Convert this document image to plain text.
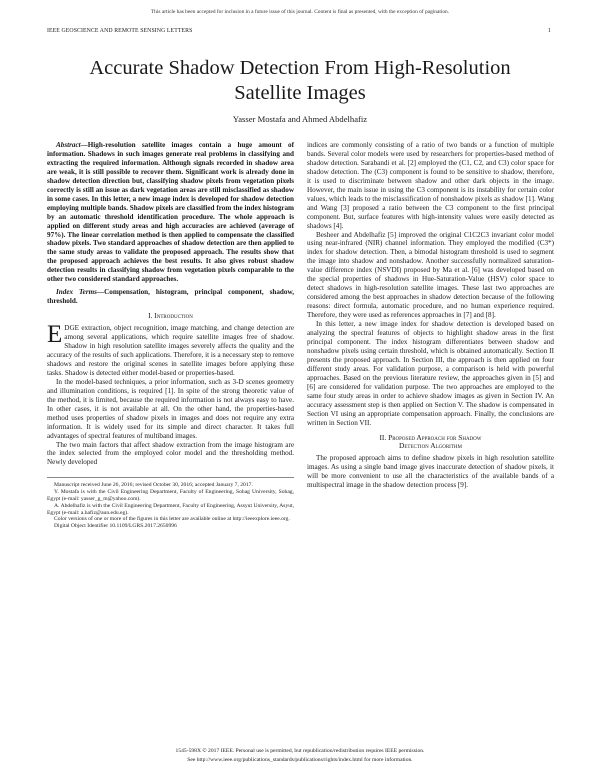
This article has been accepted for inclusion in a future issue of this journal. Content is final as presented, with the exception of pagination.
IEEE GEOSCIENCE AND REMOTE SENSING LETTERS	1
Accurate Shadow Detection From High-Resolution
Satellite Images
Yasser Mostafa and Ahmed Abdelhafiz

Abstract—High-resolution satellite images contain a huge amount of information. Shadows in such images generate real problems in classifying and extracting the required information. Although signals recorded in shadow area are weak, it is still possible to recover them. Significant work is already done in shadow detection direction but, classifying shadow pixels from vegetation pixels correctly is still an issue as dark vegetation areas are still misclassified as shadow in some cases. In this letter, a new image index is developed for shadow detection employing multiple bands. Shadow pixels are classified from the index histogram by an automatic threshold identification procedure. The whole approach is applied on different study areas and high accuracies are achieved (average of 97%). The linear correlation method is then applied to compensate the classified shadow pixels. Two standard approaches of shadow detection are then applied to the same study areas to validate the proposed approach. The results show that the proposed approach achieves the best results. It also gives robust shadow detection results in classifying shadow from vegetation pixels comparable to the other two considered standard approaches.

Index Terms—Compensation, histogram, principal component, shadow, threshold.

I. Introduction

EDGE extraction, object recognition, image matching, and change detection are among several applications, which require satellite images free of shadow. Shadow in high resolution satellite images severely affects the quality and the accuracy of the results of such applications. Therefore, it is a necessary step to remove shadows and restore the original scenes in satellite images before applying these tasks. Shadow is detected either model-based or properties-based.

In the model-based techniques, a prior information, such as 3-D scenes geometry and illumination conditions, is required [1]. In spite of the strong theoretic value of the method, it is limited, because the required information is not always easy to have. In other cases, it is not available at all. On the other hand, the properties-based method uses properties of shadow pixels in images and does not require any extra information. It is widely used for its simple and direct character. It takes full advantages of spectral features of multiband images.

The two main factors that affect shadow extraction from the image histogram are the index selected from the employed color model and the thresholding method. Newly developed

Manuscript received June 26, 2016; revised October 30, 2016; accepted January 7, 2017.

Y. Mostafa is with the Civil Engineering Department, Faculty of Engineering, Sohag University, Sohag, Egypt (e-mail: yasser_g_m@yahoo.com).

A. Abdelhafiz is with the Civil Engineering Department, Faculty of Engineering, Assyut University, Asyut, Egypt (e-mail: a.hafiz@aun.edu.eg).

Color versions of one or more of the figures in this letter are available online at http://ieeexplore.ieee.org.

Digital Object Identifier 10.1109/LGRS.2017.2650996

indices are commonly consisting of a ratio of two bands or a function of multiple bands. Several color models were used by researchers for properties-based method of shadow detection. Sarabandi et al. [2] employed the (C1, C2, and C3) color space for shadow detection. The (C3) component is found to be sensitive to shadow, therefore, it is used to discriminate between shadow and other dark objects in the image. However, the main issue in using the C3 component is its instability for certain color values, which leads to the misclassification of nonshadow pixels as shadow [1]. Wang and Wang [3] proposed a ratio between the C3 component to the first principal component. But, surface features with high-intensity values were easily detected as shadows [4].

Besheer and Abdelhafiz [5] improved the original C1C2C3 invariant color model using near-infrared (NIR) channel information. They employed the modified (C3*) index for shadow detection. Then, a bimodal histogram threshold is used to segment the image into shadow and nonshadow. Another successfully normalized saturation-value difference index (NSVDI) proposed by Ma et al. [6] was developed based on the special properties of shadows in Hue-Saturation-Value (HSV) color space to detect shadows in high-resolution satellite images. These last two approaches are considered among the best approaches in shadow detection because of the following reasons: direct formula, automatic procedure, and no human experience required. Therefore, they were used as references approaches in [7] and [8].

In this letter, a new image index for shadow detection is developed based on analyzing the spectral features of objects to highlight shadow areas in the first principal component. The index histogram differentiates between shadow and nonshadow pixels using certain threshold, which is obtained automatically. Section II presents the proposed approach. In Section III, the approach is then applied on four different study areas. For validation purpose, a comparison is held with powerful approaches. Based on the previous literature review, the approaches given in [5] and [6] are considered for validation purpose. The two approaches are employed to the same four study areas in order to achieve shadow images as given in Section IV. An accuracy assessment step is then applied on Section V. The shadow is compensated in Section VI using an appropriate compensation approach. Finally, the conclusions are written in Section VII.

II. Proposed Approach for Shadow
Detection Algorithm

The proposed approach aims to define shadow pixels in high resolution satellite images. As using a single band image gives inaccurate detection of shadow pixels, it will be more convenient to use all the characteristics of the available bands of a multispectral image in the shadow detection process [9].

1545-598X © 2017 IEEE. Personal use is permitted, but republication/redistribution requires IEEE permission.
See http://www.ieee.org/publications_standards/publications/rights/index.html for more information.
